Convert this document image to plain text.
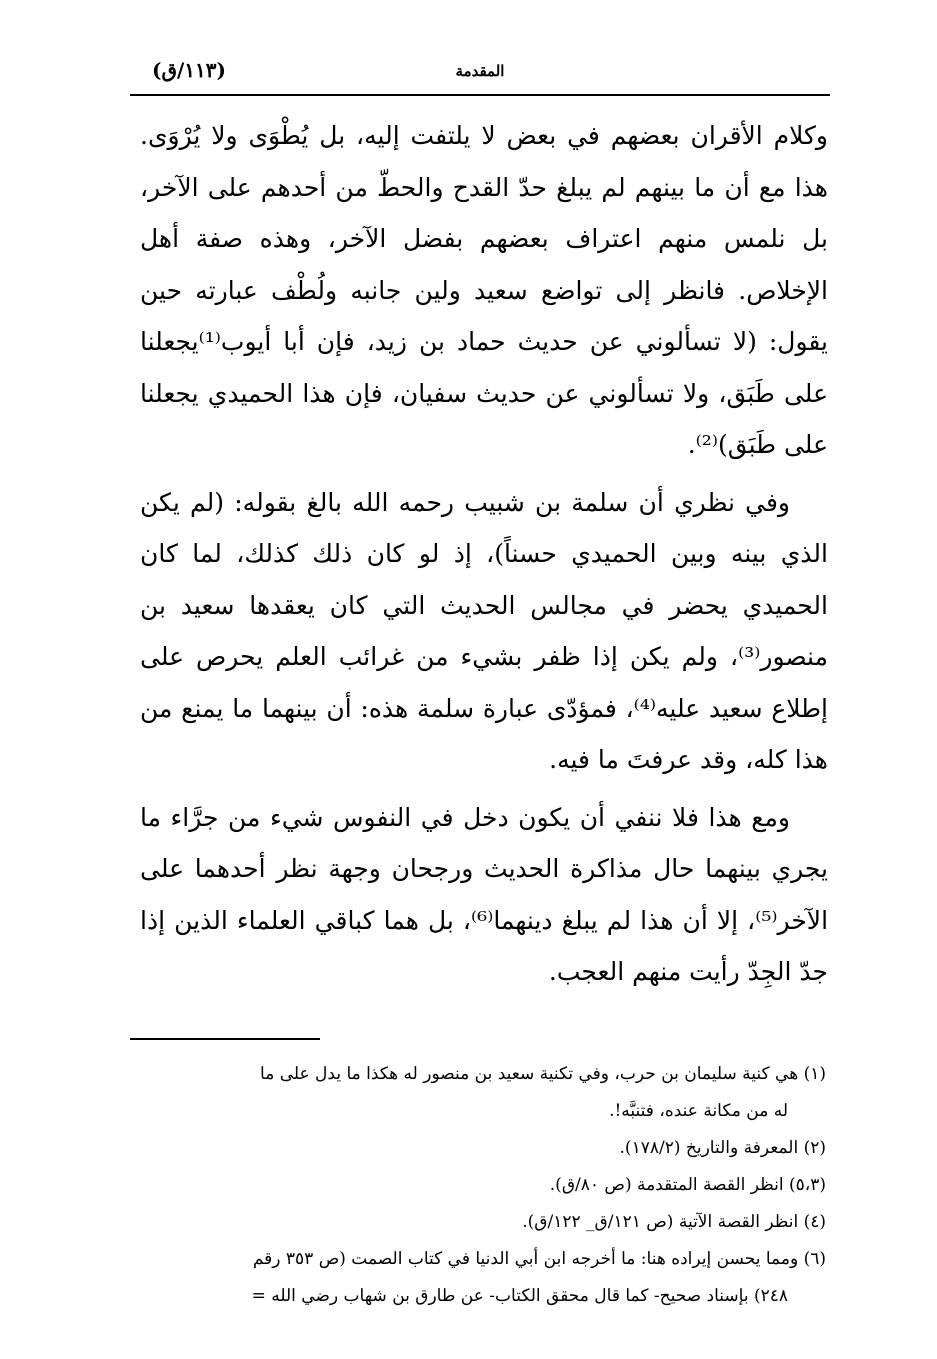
المقدمة
(١١٣/ق)

وكلام الأقران بعضهم في بعض لا يلتفت إليه، بل يُطْوَى ولا يُرْوَى. هذا مع أن ما بينهم لم يبلغ حدّ القدح والحطّ من أحدهم على الآخر، بل نلمس منهم اعتراف بعضهم بفضل الآخر، وهذه صفة أهل الإخلاص. فانظر إلى تواضع سعيد ولين جانبه ولُطْف عبارته حين يقول: (لا تسألوني عن حديث حماد بن زيد، فإن أبا أيوب⁽¹⁾يجعلنا على طَبَق، ولا تسألوني عن حديث سفيان، فإن هذا الحميدي يجعلنا على طَبَق)⁽²⁾.

وفي نظري أن سلمة بن شبيب رحمه الله بالغ بقوله: (لم يكن الذي بينه وبين الحميدي حسناً)، إذ لو كان ذلك كذلك، لما كان الحميدي يحضر في مجالس الحديث التي كان يعقدها سعيد بن منصور⁽³⁾، ولم يكن إذا ظفر بشيء من غرائب العلم يحرص على إطلاع سعيد عليه⁽⁴⁾، فمؤدّى عبارة سلمة هذه: أن بينهما ما يمنع من هذا كله، وقد عرفتَ ما فيه.

ومع هذا فلا ننفي أن يكون دخل في النفوس شيء من جرَّاء ما يجري بينهما حال مذاكرة الحديث ورجحان وجهة نظر أحدهما على الآخر⁽⁵⁾، إلا أن هذا لم يبلغ دينهما⁽⁶⁾، بل هما كباقي العلماء الذين إذا جدّ الجِدّ رأيت منهم العجب.

(١) هي كنية سليمان بن حرب، وفي تكنية سعيد بن منصور له هكذا ما يدل على ما
له من مكانة عنده، فتنبَّه!.

(٢) المعرفة والتاريخ (١٧٨/٢).

(٥،٣) انظر القصة المتقدمة (ص ٨٠/ق).

(٤) انظر القصة الآتية (ص ١٢١/ق_ ١٢٢/ق).

(٦) ومما يحسن إيراده هنا: ما أخرجه ابن أبي الدنيا في كتاب الصمت (ص ٣٥٣ رقم
٢٤٨) بإسناد صحيح- كما قال محقق الكتاب- عن طارق بن شهاب رضي الله =
